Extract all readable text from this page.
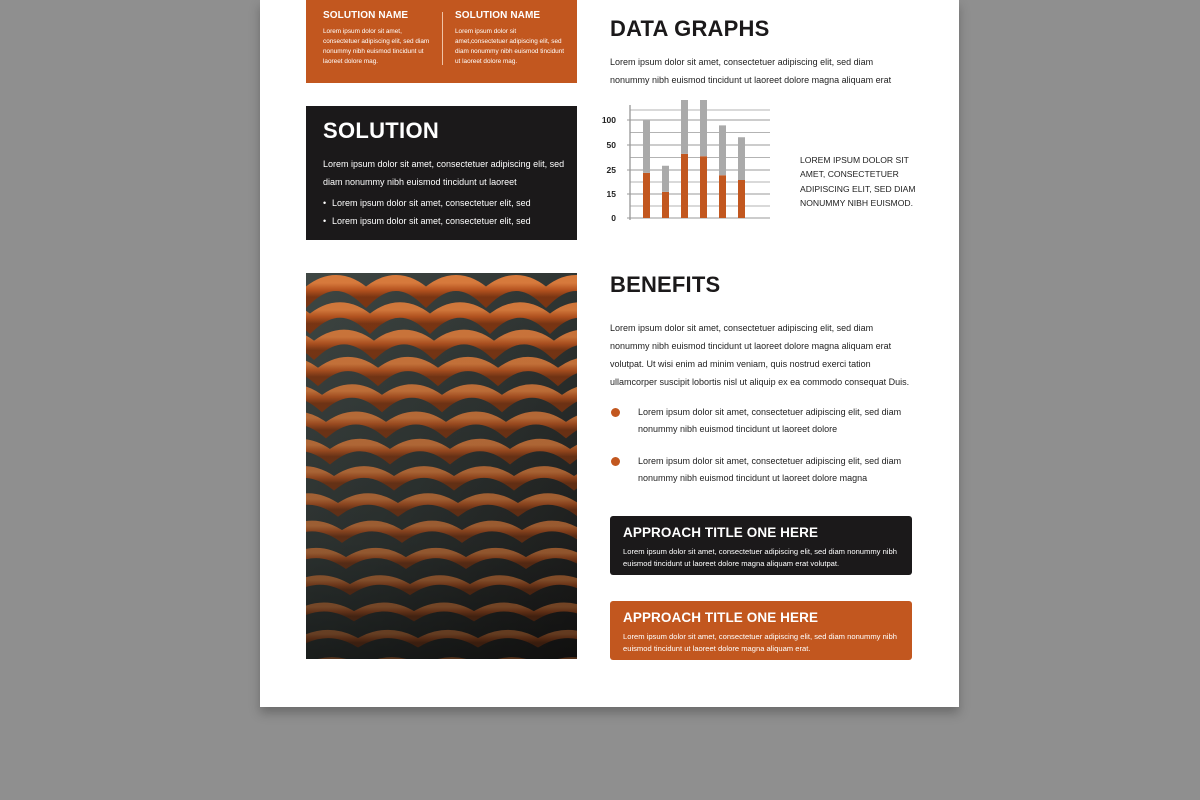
SOLUTION NAME
Lorem ipsum dolor sit amet, consectetuer adipiscing elit, sed diam nonummy nibh euismod tincidunt ut laoreet dolore mag.
SOLUTION NAME
Lorem ipsum dolor sit amet,consectetuer adipiscing elit, sed diam nonummy nibh euismod tincidunt ut laoreet dolore mag.
SOLUTION
Lorem ipsum dolor sit amet, consectetuer adipiscing elit, sed diam nonummy nibh euismod tincidunt ut laoreet
• Lorem ipsum dolor sit amet, consectetuer elit, sed
• Lorem ipsum dolor sit amet, consectetuer elit, sed
DATA GRAPHS
Lorem ipsum dolor sit amet, consectetuer adipiscing elit, sed diam nonummy nibh euismod tincidunt ut laoreet dolore magna aliquam erat
0
15
25
50
100
LOREM IPSUM DOLOR SIT AMET, CONSECTETUER ADIPISCING ELIT, SED DIAM NONUMMY NIBH EUISMOD.
BENEFITS
Lorem ipsum dolor sit amet, consectetuer adipiscing elit, sed diam nonummy nibh euismod tincidunt ut laoreet dolore magna aliquam erat volutpat. Ut wisi enim ad minim veniam, quis nostrud exerci tation ullamcorper suscipit lobortis nisl ut aliquip ex ea commodo consequat Duis.
Lorem ipsum dolor sit amet, consectetuer adipiscing elit, sed diam nonummy nibh euismod tincidunt ut laoreet dolore
Lorem ipsum dolor sit amet, consectetuer adipiscing elit, sed diam nonummy nibh euismod tincidunt ut laoreet dolore magna
APPROACH TITLE ONE HERE
Lorem ipsum dolor sit amet, consectetuer adipiscing elit, sed diam nonummy nibh euismod tincidunt ut laoreet dolore magna aliquam erat volutpat.
APPROACH TITLE ONE HERE
Lorem ipsum dolor sit amet, consectetuer adipiscing elit, sed diam nonummy nibh euismod tincidunt ut laoreet dolore magna aliquam erat.
